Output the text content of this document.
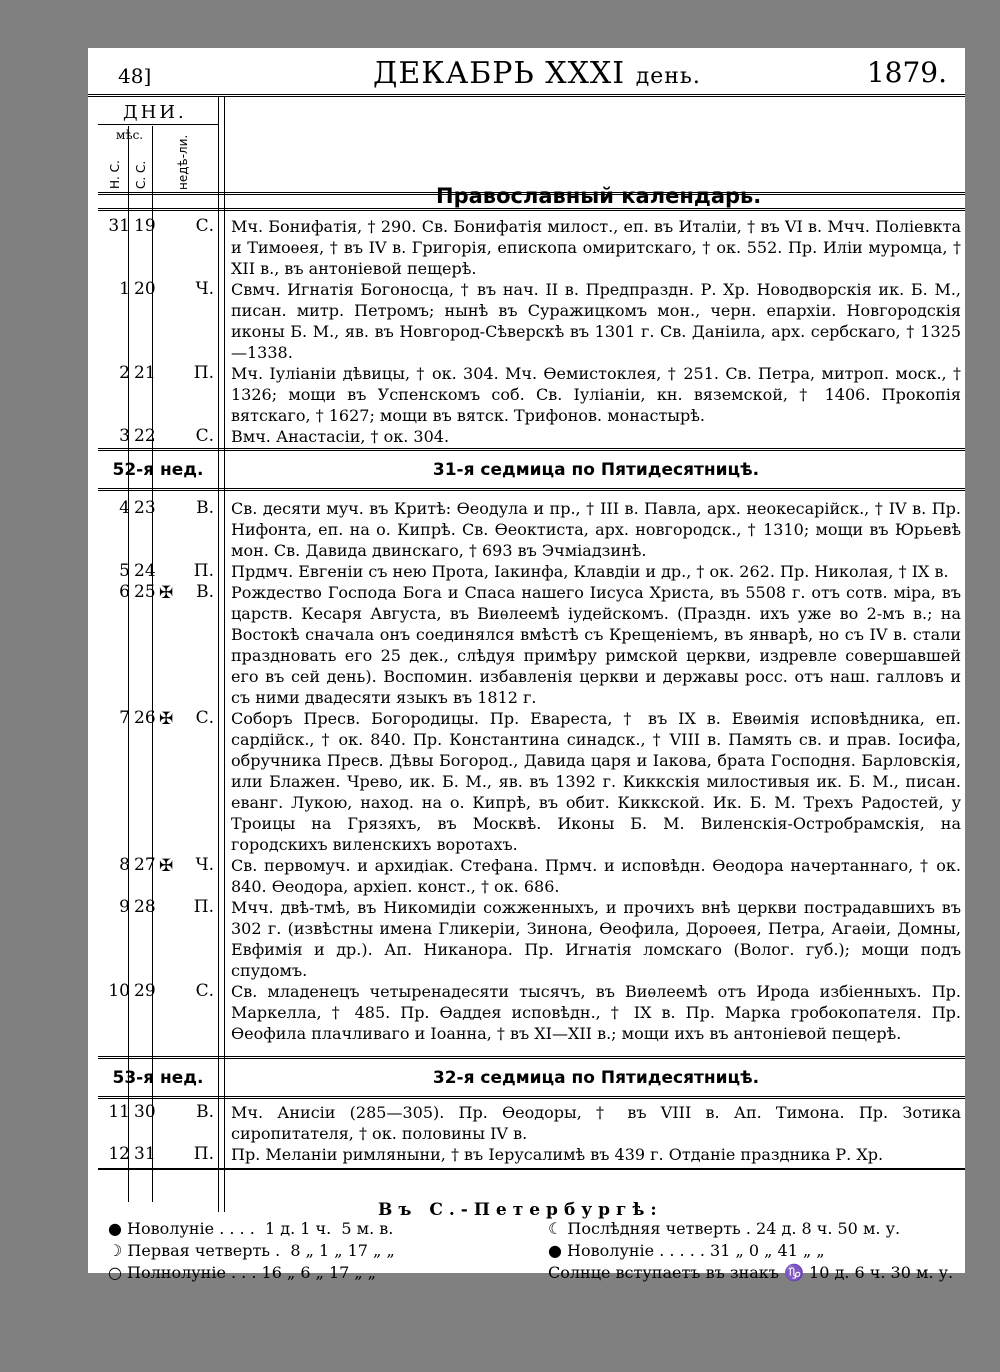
48]	ДЕКАБРЬ XXXI день.	1879.
ДНИ.
мѣс.
Н. С. С. С. недѣ-ли.
Православный календарь.
31 19	С. Мч. Бонифатія, † 290. Св. Бонифатія милост., еп. въ Италіи, † въ VI в. Мчч. Поліевкта и Тимоѳея, † въ IV в. Григорія, епископа омиритскаго, † ок. 552. Пр. Иліи муромца, † XII в., въ антоніевой пещерѣ.
1 20	Ч. Свмч. Игнатія Богоносца, † въ нач. II в. Предпраздн. Р. Хр. Новодворскія ик. Б. М., писан. митр. Петромъ; нынѣ въ Суражицкомъ мон., черн. епархіи. Новгородскія иконы Б. М., яв. въ Новгород-Сѣверскѣ въ 1301 г. Св. Даніила, арх. сербскаго, † 1325—1338.
2 21	П. Мч. Іуліаніи дѣвицы, † ок. 304. Мч. Ѳемистоклея, † 251. Св. Петра, митроп. моск., † 1326; мощи въ Успенскомъ соб. Св. Іуліаніи, кн. вяземской, † 1406. Прокопія вятскаго, † 1627; мощи въ вятск. Трифонов. монастырѣ.
3 22	С. Вмч. Анастасіи, † ок. 304.
52-я нед.	31-я седмица по Пятидесятницѣ.
4 23	В. Св. десяти муч. въ Критѣ: Ѳеодула и пр., † III в. Павла, арх. неокесарійск., † IV в. Пр. Нифонта, еп. на о. Кипрѣ. Св. Ѳеоктиста, арх. новгородск., † 1310; мощи въ Юрьевѣ мон. Св. Давида двинскаго, † 693 въ Эчміадзинѣ.
5 24	П. Прдмч. Евгеніи съ нею Прота, Іакинфа, Клавдіи и др., † ок. 262. Пр. Николая, † IX в.
6 25 ✠	В. Рождество Господа Бога и Спаса нашего Іисуса Христа, въ 5508 г. отъ сотв. міра, въ царств. Кесаря Августа, въ Виѳлеемѣ іудейскомъ. (Праздн. ихъ уже во 2-мъ в.; на Востокѣ сначала онъ соединялся вмѣстѣ съ Крещеніемъ, въ январѣ, но съ IV в. стали праздновать его 25 дек., слѣдуя примѣру римской церкви, издревле совершавшей его въ сей день). Воспомин. избавленія церкви и державы росс. отъ наш. галловъ и съ ними двадесяти языкъ въ 1812 г.
7 26 ✠	С. Соборъ Пресв. Богородицы. Пр. Евареста, † въ IX в. Евѳимія исповѣдника, еп. сардійск., † ок. 840. Пр. Константина синадск., † VIII в. Память св. и прав. Іосифа, обручника Пресв. Дѣвы Богород., Давида царя и Іакова, брата Господня. Барловскія, или Блажен. Чрево, ик. Б. М., яв. въ 1392 г. Киккскія милостивыя ик. Б. М., писан. еванг. Лукою, наход. на о. Кипрѣ, въ обит. Киккской. Ик. Б. М. Трехъ Радостей, у Троицы на Грязяхъ, въ Москвѣ. Иконы Б. М. Виленскія-Остробрамскія, на городскихъ виленскихъ воротахъ.
8 27 ✠	Ч. Св. первомуч. и архидіак. Стефана. Прмч. и исповѣдн. Ѳеодора начертаннаго, † ок. 840. Ѳеодора, архіеп. конст., † ок. 686.
9 28	П. Мчч. двѣ-тмѣ, въ Никомидіи сожженныхъ, и прочихъ внѣ церкви пострадавшихъ въ 302 г. (извѣстны имена Гликеріи, Зинона, Ѳеофила, Дороѳея, Петра, Агаѳіи, Домны, Евфимія и др.). Ап. Никанора. Пр. Игнатія ломскаго (Волог. губ.); мощи подъ спудомъ.
10 29	С. Св. младенецъ четыренадесяти тысячъ, въ Виѳлеемѣ отъ Ирода избіенныхъ. Пр. Маркелла, † 485. Пр. Ѳаддея исповѣдн., † IX в. Пр. Марка гробокопателя. Пр. Ѳеофила плачливаго и Іоанна, † въ XI—XII в.; мощи ихъ въ антоніевой пещерѣ.
53-я нед.	32-я седмица по Пятидесятницѣ.
11 30	В. Мч. Анисіи (285—305). Пр. Ѳеодоры, † въ VIII в. Ап. Тимона. Пр. Зотика сиропитателя, † ок. половины IV в.
12 31	П. Пр. Меланіи римляныни, † въ Іерусалимѣ въ 439 г. Отданіе праздника Р. Хр.
Въ С.-Петербургѣ:
● Новолуніе . . . .  1 д. 1 ч.  5 м. в.
☽ Первая четверть .  8 „ 1 „ 17 „ „
○ Полнолуніе . . . 16 „ 6 „ 17 „ „
☾ Послѣдняя четверть . 24 д. 8 ч. 50 м. у.
● Новолуніе . . . . . 31 „ 0 „ 41 „ „
Солнце вступаетъ въ знакъ ♑ 10 д. 6 ч. 30 м. у.
